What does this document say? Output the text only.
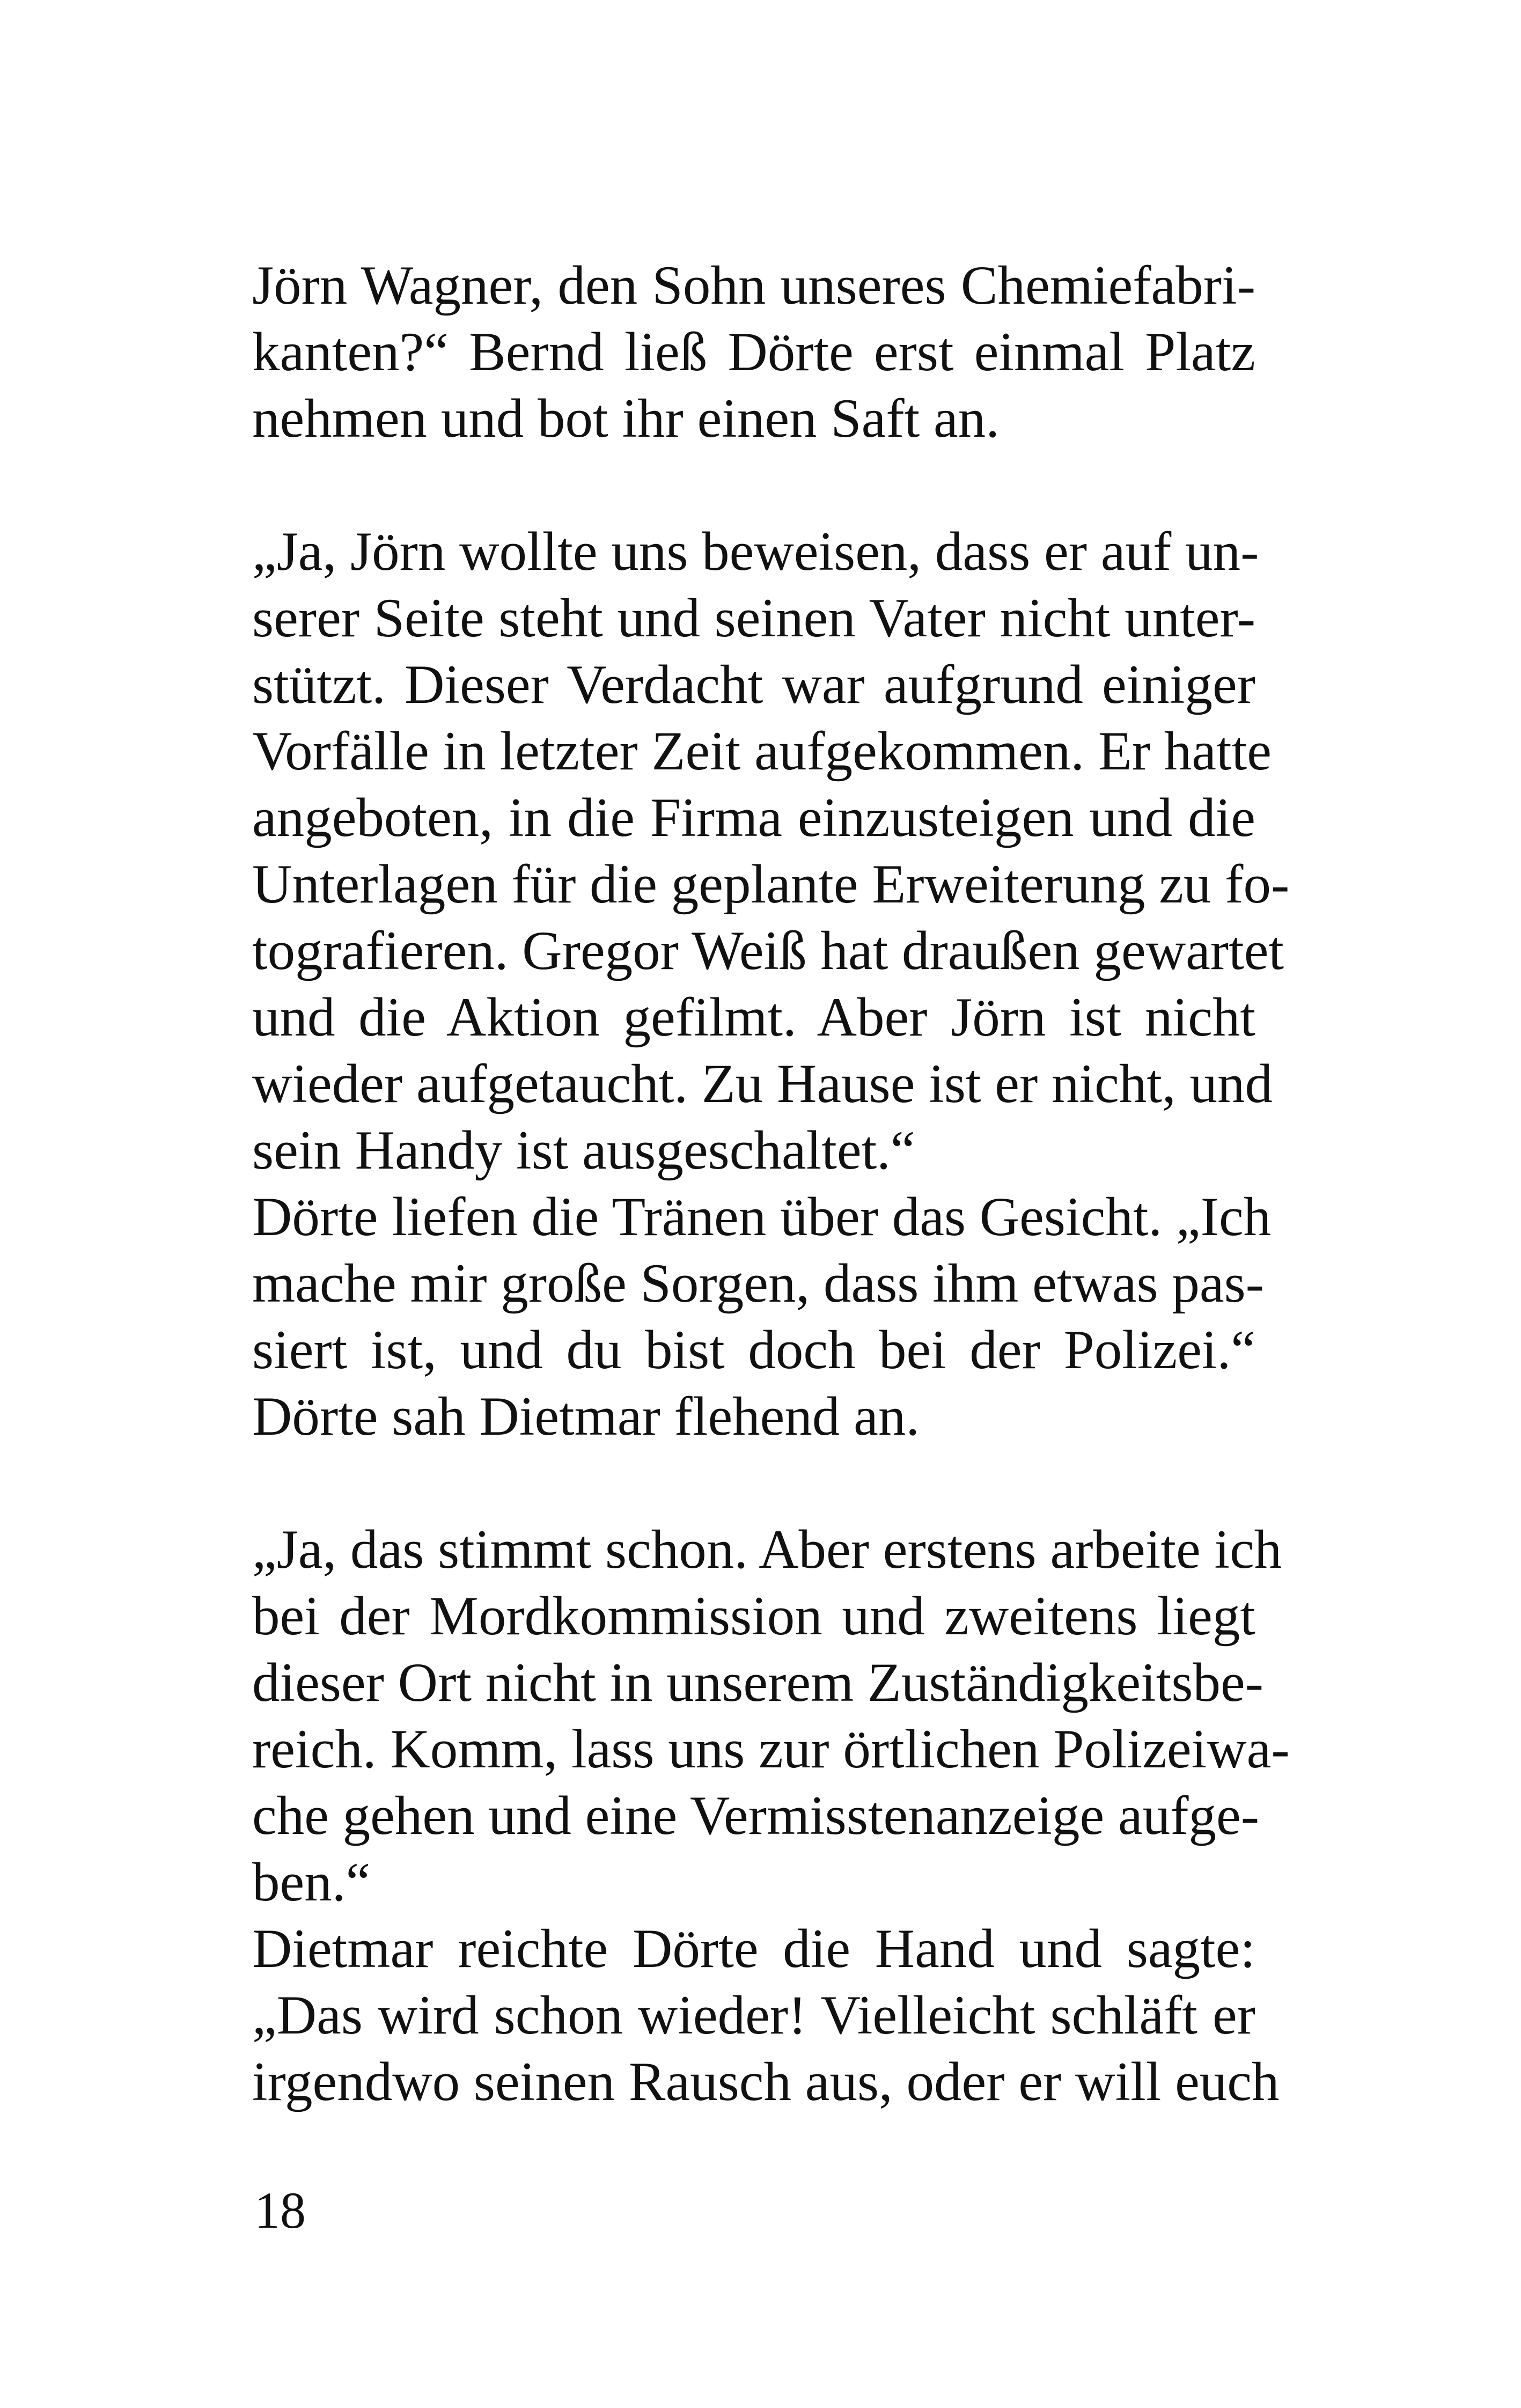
Jörn Wagner, den Sohn unseres Chemiefabri-
kanten?“ Bernd ließ Dörte erst einmal Platz
nehmen und bot ihr einen Saft an.
„Ja, Jörn wollte uns beweisen, dass er auf un-
serer Seite steht und seinen Vater nicht unter-
stützt. Dieser Verdacht war aufgrund einiger
Vorfälle in letzter Zeit aufgekommen. Er hatte
angeboten, in die Firma einzusteigen und die
Unterlagen für die geplante Erweiterung zu fo-
tografieren. Gregor Weiß hat draußen gewartet
und die Aktion gefilmt. Aber Jörn ist nicht
wieder aufgetaucht. Zu Hause ist er nicht, und
sein Handy ist ausgeschaltet.“
Dörte liefen die Tränen über das Gesicht. „Ich
mache mir große Sorgen, dass ihm etwas pas-
siert ist, und du bist doch bei der Polizei.“
Dörte sah Dietmar flehend an.
„Ja, das stimmt schon. Aber erstens arbeite ich
bei der Mordkommission und zweitens liegt
dieser Ort nicht in unserem Zuständigkeitsbe-
reich. Komm, lass uns zur örtlichen Polizeiwa-
che gehen und eine Vermisstenanzeige aufge-
ben.“
Dietmar reichte Dörte die Hand und sagte:
„Das wird schon wieder! Vielleicht schläft er
irgendwo seinen Rausch aus, oder er will euch
18
